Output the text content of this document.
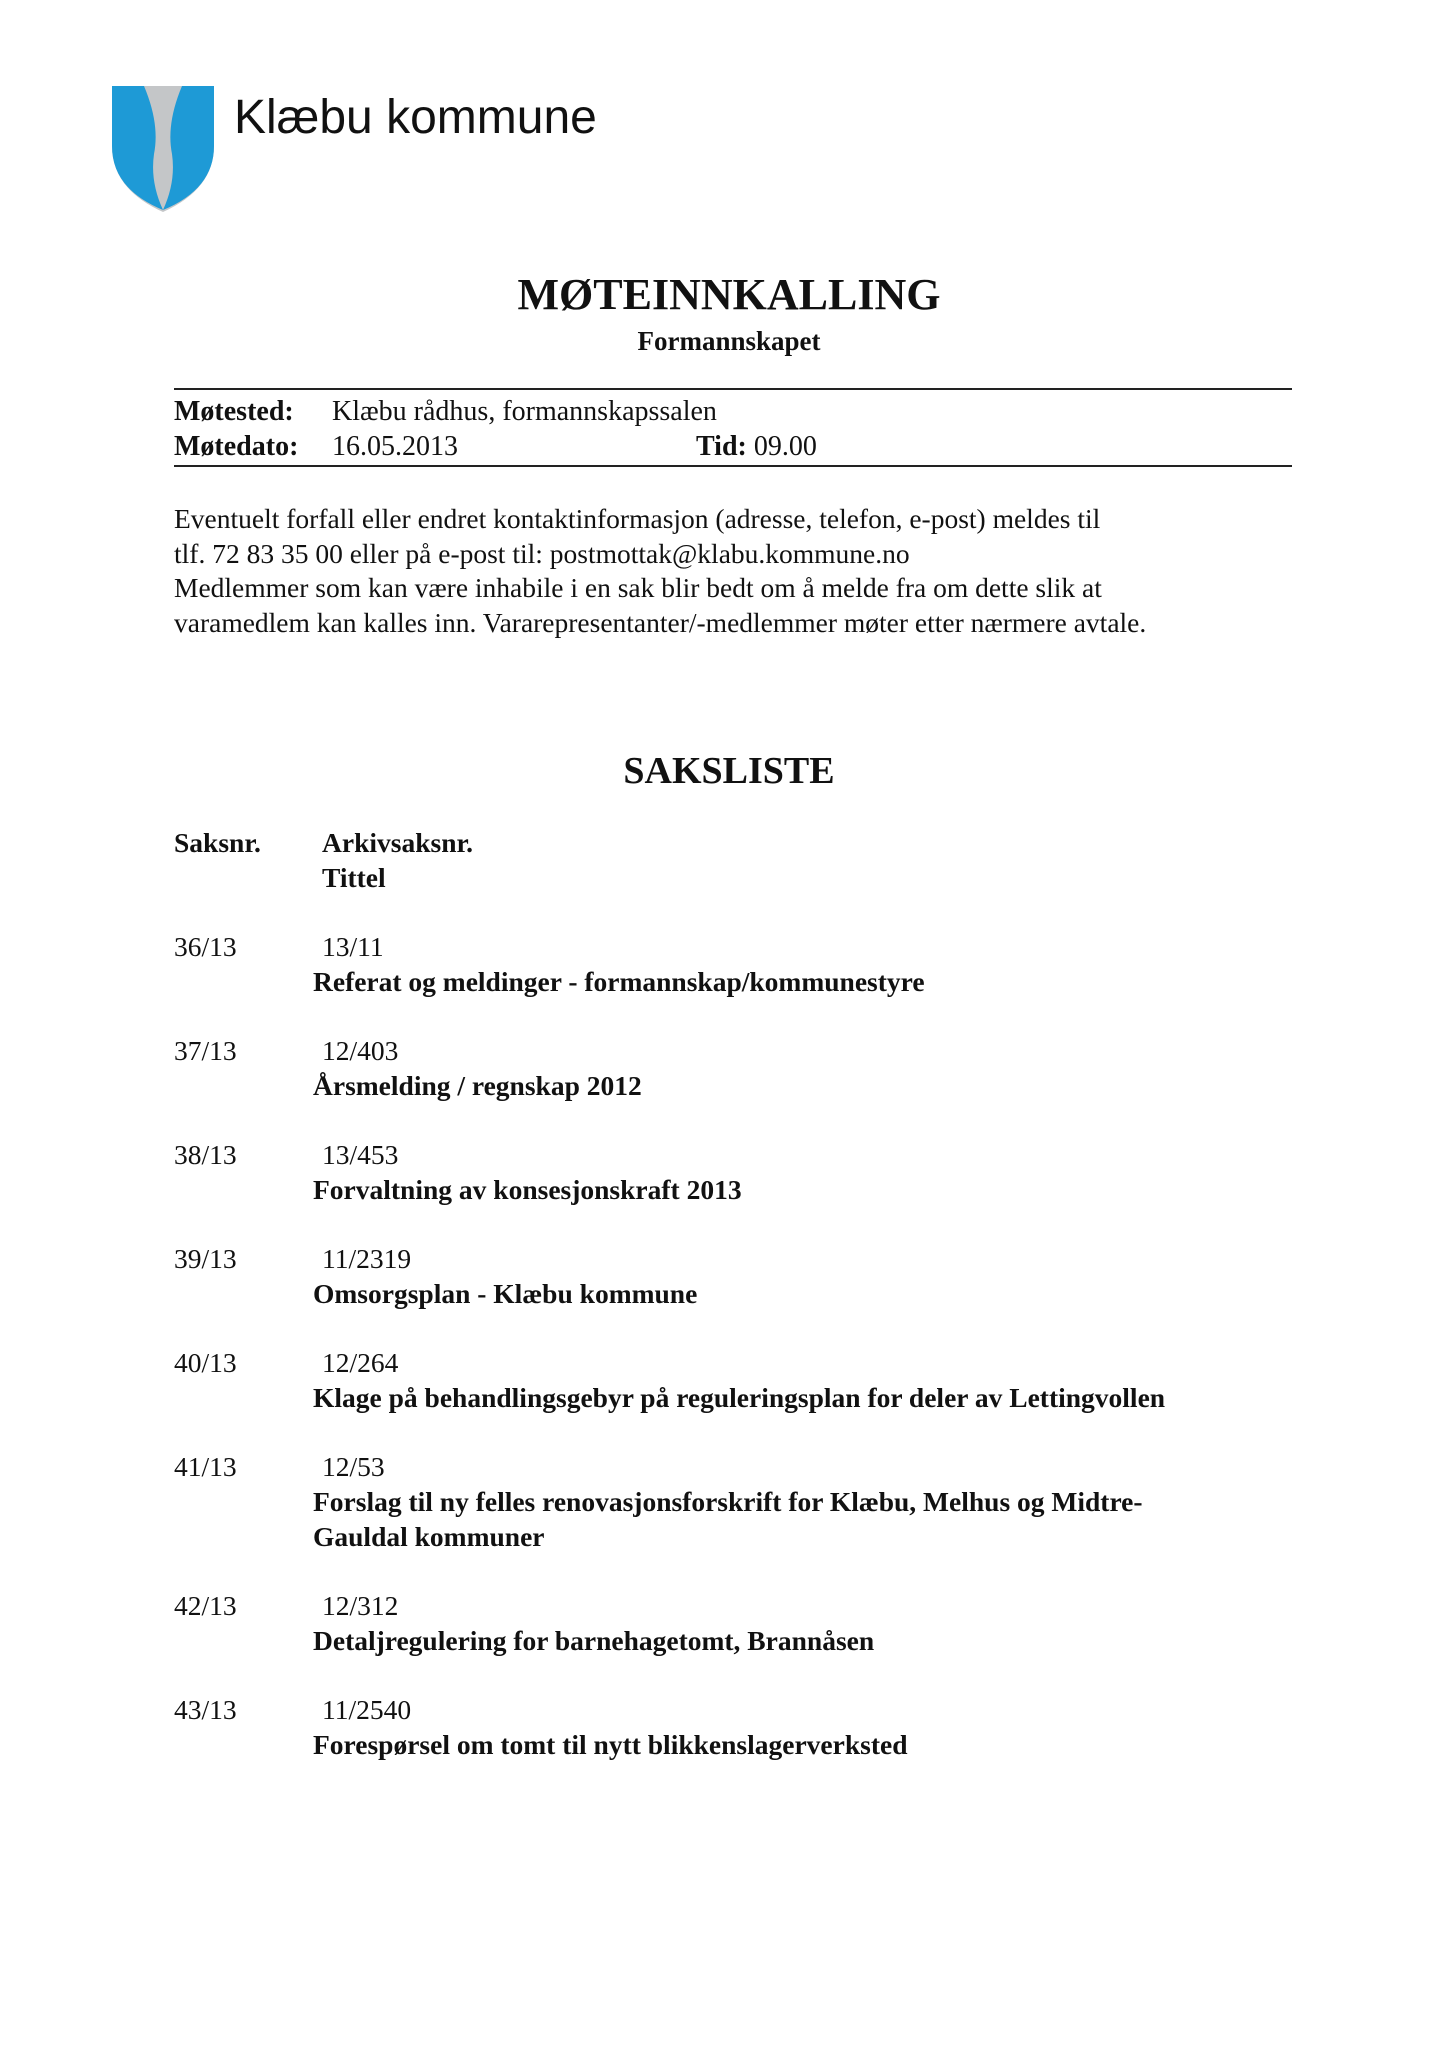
Klæbu kommune
MØTEINNKALLING
Formannskapet
Møtested: Klæbu rådhus, formannskapssalen
Møtedato: 16.05.2013	Tid: 09.00
Eventuelt forfall eller endret kontaktinformasjon (adresse, telefon, e-post) meldes til
tlf. 72 83 35 00 eller på e-post til: postmottak@klabu.kommune.no
Medlemmer som kan være inhabile i en sak blir bedt om å melde fra om dette slik at
varamedlem kan kalles inn. Vararepresentanter/-medlemmer møter etter nærmere avtale.
SAKSLISTE
Saksnr. Arkivsaksnr.
Tittel
36/13	13/11
Referat og meldinger - formannskap/kommunestyre
37/13	12/403
Årsmelding / regnskap 2012
38/13	13/453
Forvaltning av konsesjonskraft 2013
39/13	11/2319
Omsorgsplan - Klæbu kommune
40/13	12/264
Klage på behandlingsgebyr på reguleringsplan for deler av Lettingvollen
41/13	12/53
Forslag til ny felles renovasjonsforskrift for Klæbu, Melhus og Midtre-
Gauldal kommuner
42/13	12/312
Detaljregulering for barnehagetomt, Brannåsen
43/13	11/2540
Forespørsel om tomt til nytt blikkenslagerverksted
